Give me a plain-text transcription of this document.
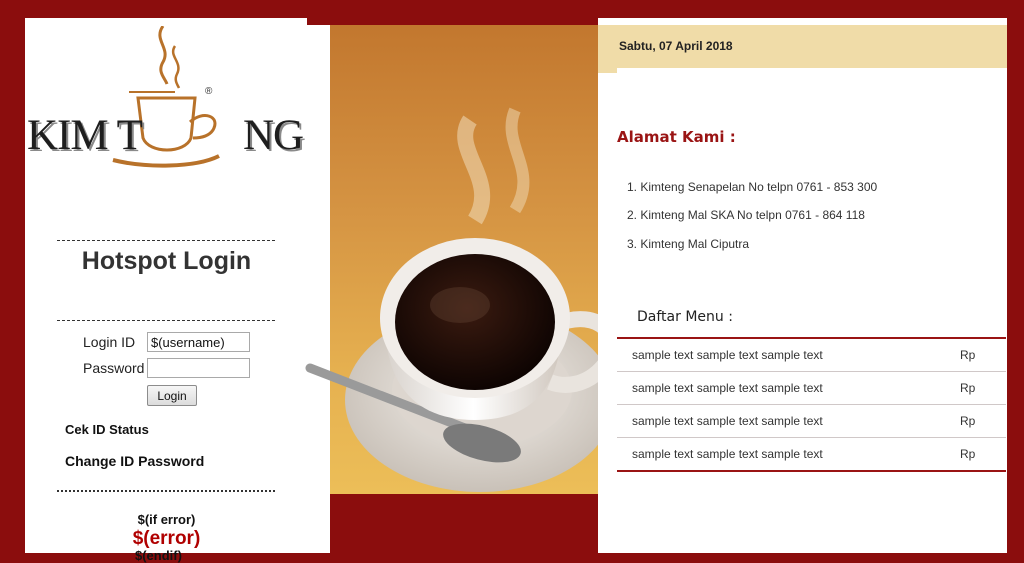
KIM T NG
®
Hotspot Login
Login ID
$(username)
Password
Login
Cek ID Status
Change ID Password
$(if error)
$(error)
$(endif)
Sabtu, 07 April 2018
Alamat Kami :
1. Kimteng Senapelan No telpn 0761 - 853 300
2. Kimteng Mal SKA No telpn 0761 - 864 118
3. Kimteng Mal Ciputra
Daftar Menu :
sample text sample text sample text	Rp
sample text sample text sample text	Rp
sample text sample text sample text	Rp
sample text sample text sample text	Rp
